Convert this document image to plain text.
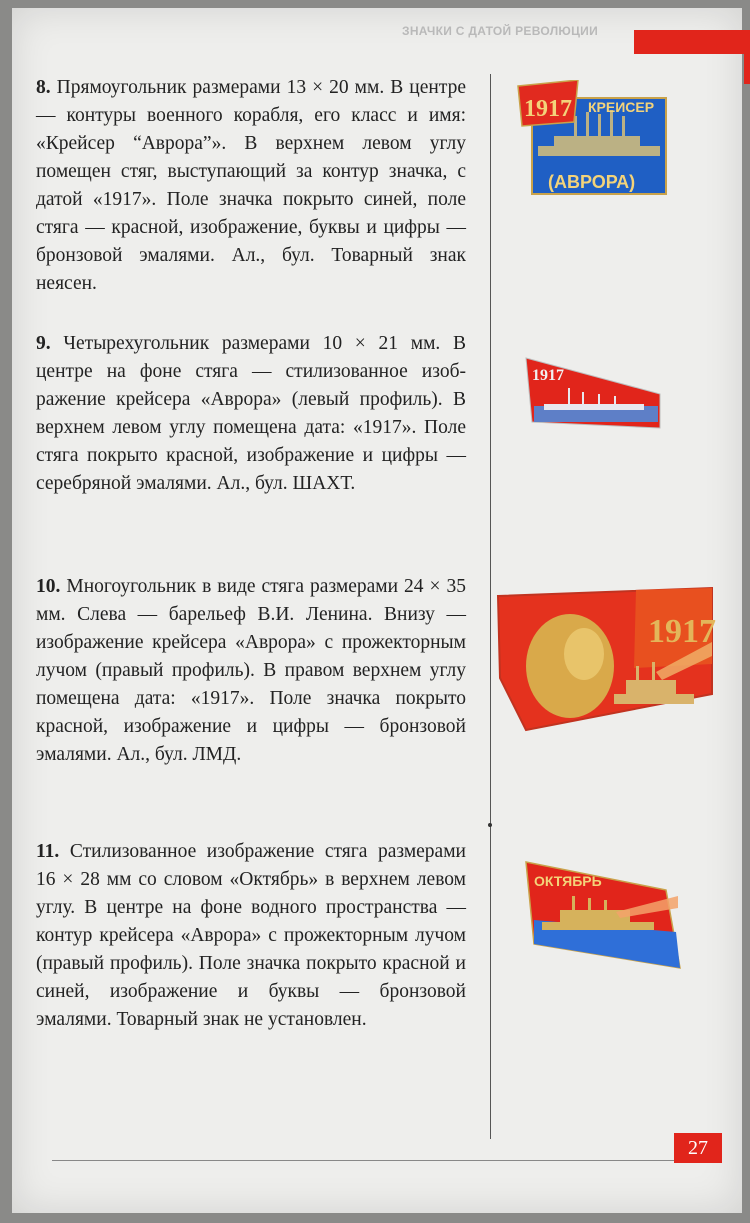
ЗНАЧКИ С ДАТОЙ РЕВОЛЮЦИИ

8. Прямоугольник размерами 13 × 20 мм. В центре — контуры военного корабля, его класс и имя: «Крейсер “Аврора”». В верхнем левом углу помещен стяг, выступающий за контур значка, с датой «1917». Поле значка покрыто синей, поле стяга — красной, изображение, буквы и цифры — бронзовой эмалями. Ал., бул. Товарный знак неясен.

9. Четырехугольник размерами 10 × 21 мм. В центре на фоне стяга — стилизованное изображение крейсера «Аврора» (левый профиль). В верхнем левом углу помещена дата: «1917». Поле стяга покрыто красной, изображение и цифры — серебряной эмалями. Ал., бул. ШАХТ.

10. Многоугольник в виде стяга размерами 24 × 35 мм. Слева — барельеф В.И. Ленина. Внизу — изображение крейсера «Аврора» с прожекторным лучом (правый профиль). В правом верхнем углу помещена дата: «1917». Поле значка покрыто красной, изображение и цифры — бронзовой эмалями. Ал., бул. ЛМД.

11. Стилизованное изображение стяга размерами 16 × 28 мм со словом «Октябрь» в верхнем левом углу. В центре на фоне водного пространства — контур крейсера «Аврора» с прожекторным лучом (правый профиль). Поле значка покрыто красной и синей, изображение и буквы — бронзовой эмалями. Товарный знак не установлен.

1917 КРЕИСЕР
(АВРОРА)
1917
1917
ОКТЯБРЬ
27
